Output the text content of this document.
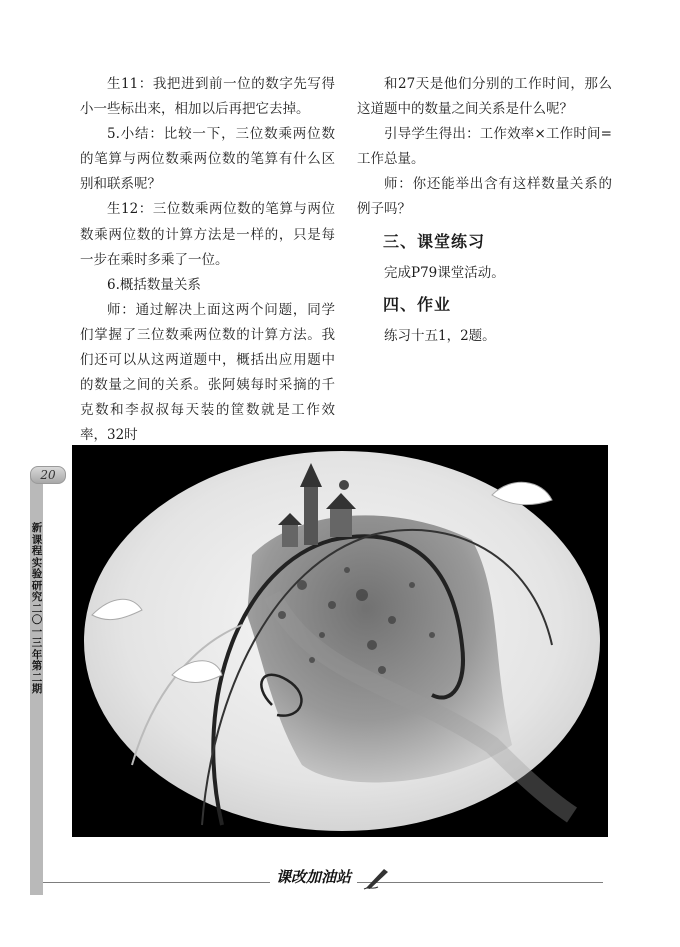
生11：我把进到前一位的数字先写得小一些标出来，相加以后再把它去掉。

5.小结：比较一下，三位数乘两位数的笔算与两位数乘两位数的笔算有什么区别和联系呢？

生12：三位数乘两位数的笔算与两位数乘两位数的计算方法是一样的，只是每一步在乘时多乘了一位。

6.概括数量关系

师：通过解决上面这两个问题，同学们掌握了三位数乘两位数的计算方法。我们还可以从这两道题中，概括出应用题中的数量之间的关系。张阿姨每时采摘的千克数和李叔叔每天装的筐数就是工作效率，32时

和27天是他们分别的工作时间，那么这道题中的数量之间关系是什么呢？

引导学生得出：工作效率×工作时间=工作总量。

师：你还能举出含有这样数量关系的例子吗？

三、课堂练习

完成P79课堂活动。

四、作业

练习十五1，2题。

20
新课程实验研究 二〇一三年 第二期
课改加油站
